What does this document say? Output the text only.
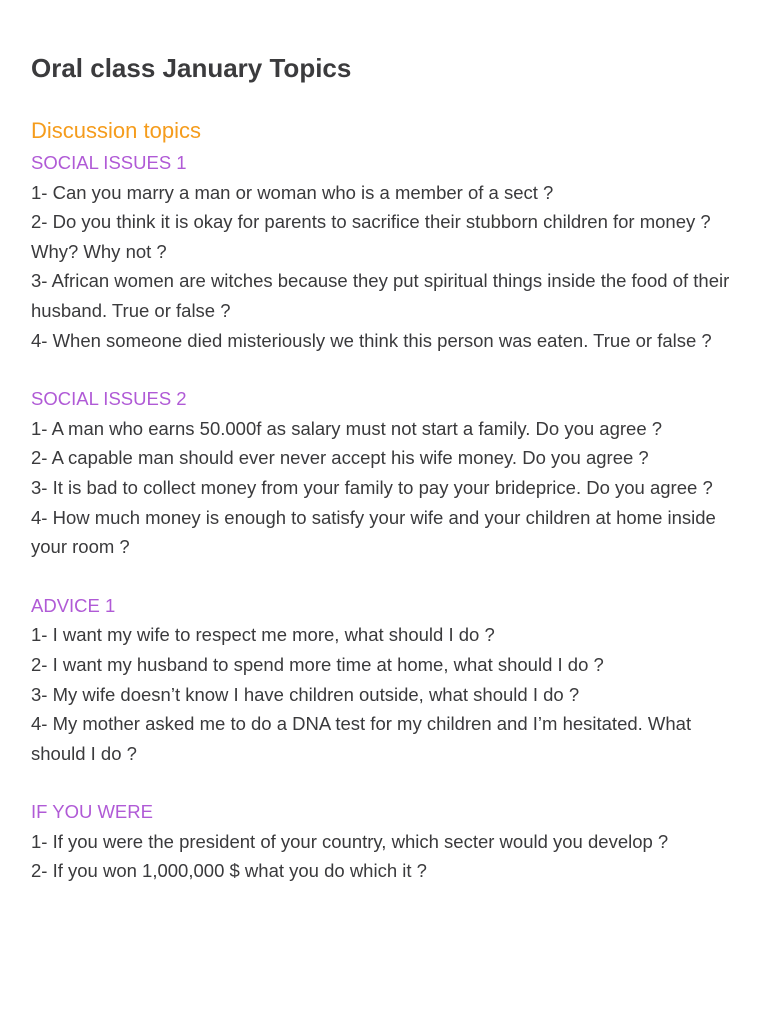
Oral class January Topics
Discussion topics
SOCIAL ISSUES 1

1- Can you marry a man or woman who is a member of a sect ?

2- Do you think it is okay for parents to sacrifice their stubborn children for money ? Why? Why not ?

3- African women are witches because they put spiritual things inside the food of their husband. True or false ?

4- When someone died misteriously we think this person was eaten. True or false ?

SOCIAL ISSUES 2

1- A man who earns 50.000f as salary must not start a family. Do you agree ?

2- A capable man should ever never accept his wife money. Do you agree ?

3- It is bad to collect money from your family to pay your brideprice. Do you agree ?

4- How much money is enough to satisfy your wife and your children at home inside your room ?

ADVICE 1

1- I want my wife to respect me more, what should I do ?

2- I want my husband to spend more time at home, what should I do ?

3- My wife doesn’t know I have children outside, what should I do ?

4- My mother asked me to do a DNA test for my children and I’m hesitated. What should I do ?

IF YOU WERE

1- If you were the president of your country, which secter would you develop ?

2- If you won 1,000,000 $ what you do which it ?
